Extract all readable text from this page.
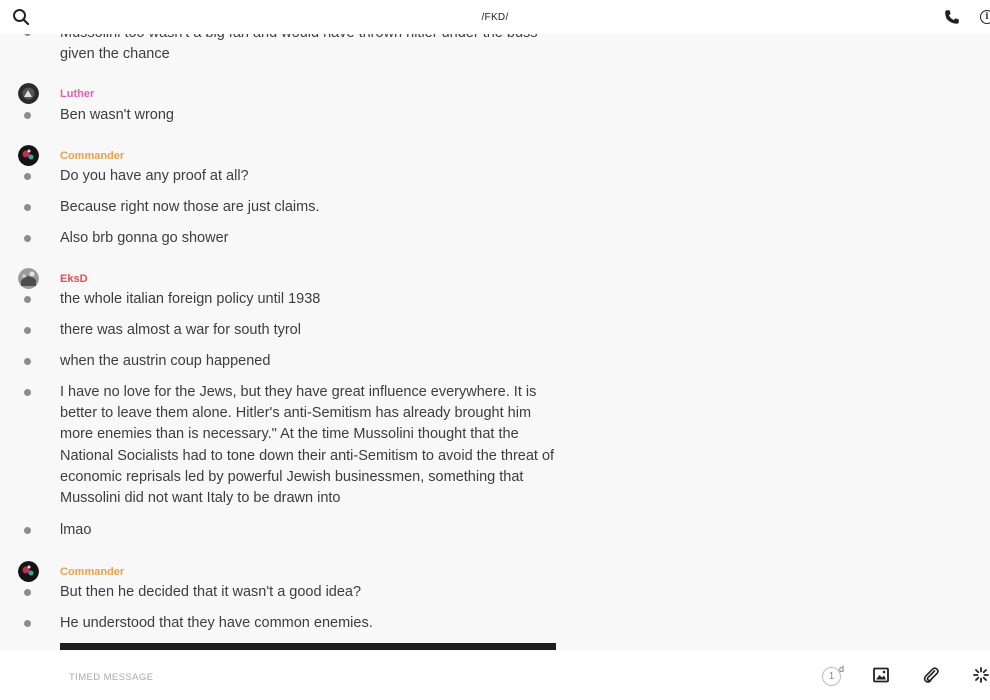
given the chance
Luther
Ben wasn't wrong
Commander
Do you have any proof at all?
Because right now those are just claims.
Also brb gonna go shower
EksD
the whole italian foreign policy until 1938
there was almost a war for south tyrol
when the austrin coup happened
I have no love for the Jews, but they have great influence everywhere. It is better to leave them alone. Hitler's anti-Semitism has already brought him more enemies than is necessary." At the time Mussolini thought that the National Socialists had to tone down their anti-Semitism to avoid the threat of economic reprisals led by powerful Jewish businessmen, something that Mussolini did not want Italy to be drawn into
lmao
Commander
But then he decided that it wasn't a good idea?
He understood that they have common enemies.
/FKD/	i
TIMED MESSAGE
1
d
